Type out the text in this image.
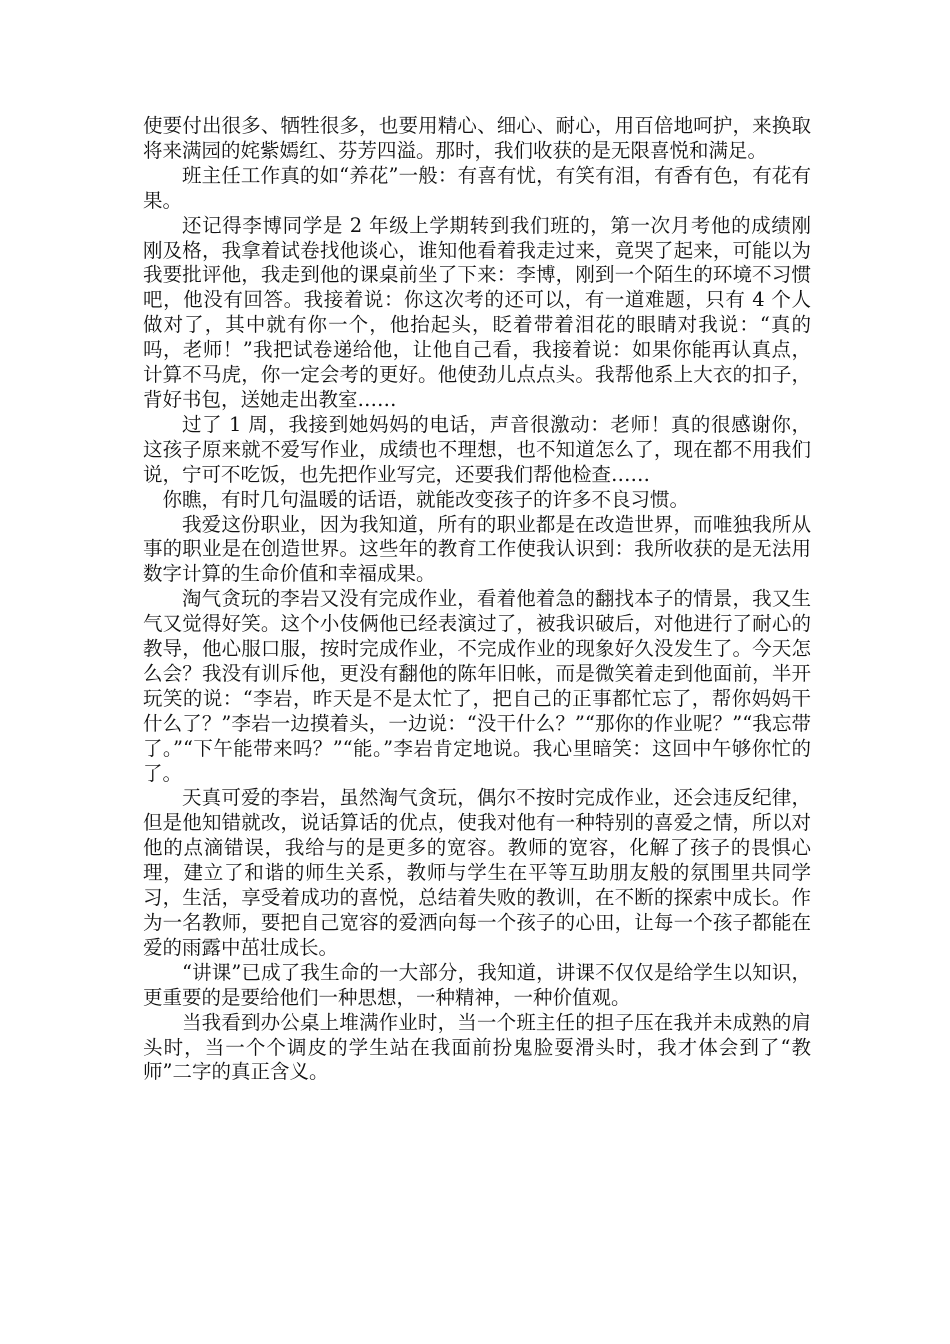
使要付出很多、牺牲很多，也要用精心、细心、耐心，用百倍地呵护，来换取将来满园的姹紫嫣红、芬芳四溢。那时，我们收获的是无限喜悦和满足。

班主任工作真的如“养花”一般：有喜有忧，有笑有泪，有香有色，有花有果。

还记得李博同学是 2 年级上学期转到我们班的，第一次月考他的成绩刚刚及格，我拿着试卷找他谈心，谁知他看着我走过来，竟哭了起来，可能以为我要批评他，我走到他的课桌前坐了下来：李博，刚到一个陌生的环境不习惯吧，他没有回答。我接着说：你这次考的还可以，有一道难题，只有 4 个人做对了，其中就有你一个，他抬起头，眨着带着泪花的眼睛对我说：“真的吗，老师！”我把试卷递给他，让他自己看，我接着说：如果你能再认真点，计算不马虎，你一定会考的更好。他使劲儿点点头。我帮他系上大衣的扣子，背好书包，送她走出教室……

过了 1 周，我接到她妈妈的电话，声音很激动：老师！真的很感谢你，这孩子原来就不爱写作业，成绩也不理想，也不知道怎么了，现在都不用我们说，宁可不吃饭，也先把作业写完，还要我们帮他检查……

你瞧，有时几句温暖的话语，就能改变孩子的许多不良习惯。

我爱这份职业，因为我知道，所有的职业都是在改造世界，而唯独我所从事的职业是在创造世界。这些年的教育工作使我认识到：我所收获的是无法用数字计算的生命价值和幸福成果。

淘气贪玩的李岩又没有完成作业，看着他着急的翻找本子的情景，我又生气又觉得好笑。这个小伎俩他已经表演过了，被我识破后，对他进行了耐心的教导，他心服口服，按时完成作业，不完成作业的现象好久没发生了。今天怎么会？我没有训斥他，更没有翻他的陈年旧帐，而是微笑着走到他面前，半开玩笑的说：“李岩，昨天是不是太忙了，把自己的正事都忙忘了，帮你妈妈干什么了？”李岩一边摸着头，一边说：“没干什么？”“那你的作业呢？”“我忘带了。”“下午能带来吗？”“能。”李岩肯定地说。我心里暗笑：这回中午够你忙的了。

天真可爱的李岩，虽然淘气贪玩，偶尔不按时完成作业，还会违反纪律，但是他知错就改，说话算话的优点，使我对他有一种特别的喜爱之情，所以对他的点滴错误，我给与的是更多的宽容。教师的宽容，化解了孩子的畏惧心理，建立了和谐的师生关系，教师与学生在平等互助朋友般的氛围里共同学习，生活，享受着成功的喜悦，总结着失败的教训，在不断的探索中成长。作为一名教师，要把自己宽容的爱洒向每一个孩子的心田，让每一个孩子都能在爱的雨露中茁壮成长。

“讲课”已成了我生命的一大部分，我知道，讲课不仅仅是给学生以知识，更重要的是要给他们一种思想，一种精神，一种价值观。

当我看到办公桌上堆满作业时，当一个班主任的担子压在我并未成熟的肩头时，当一个个调皮的学生站在我面前扮鬼脸耍滑头时，我才体会到了“教师”二字的真正含义。
